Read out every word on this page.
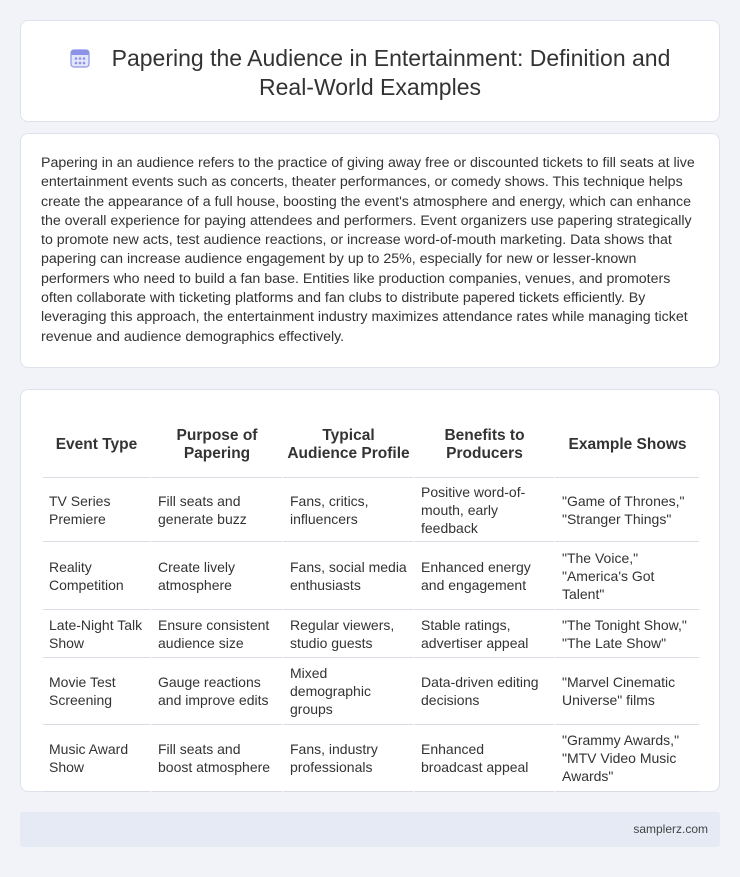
Papering the Audience in Entertainment: Definition and
Real-World Examples

Papering in an audience refers to the practice of giving away free or discounted tickets to fill seats at live entertainment events such as concerts, theater performances, or comedy shows. This technique helps create the appearance of a full house, boosting the event's atmosphere and energy, which can enhance the overall experience for paying attendees and performers. Event organizers use papering strategically to promote new acts, test audience reactions, or increase word-of-mouth marketing. Data shows that papering can increase audience engagement by up to 25%, especially for new or lesser-known performers who need to build a fan base. Entities like production companies, venues, and promoters often collaborate with ticketing platforms and fan clubs to distribute papered tickets efficiently. By leveraging this approach, the entertainment industry maximizes attendance rates while managing ticket revenue and audience demographics effectively.

Event Type	Purpose of Papering	Typical Audience Profile	Benefits to Producers	Example Shows
TV Series Premiere	Fill seats and generate buzz	Fans, critics, influencers	Positive word-of-mouth, early feedback	"Game of Thrones," "Stranger Things"
Reality Competition	Create lively atmosphere	Fans, social media enthusiasts	Enhanced energy and engagement	"The Voice," "America's Got Talent"
Late-Night Talk Show	Ensure consistent audience size	Regular viewers, studio guests	Stable ratings, advertiser appeal	"The Tonight Show," "The Late Show"
Movie Test Screening	Gauge reactions and improve edits	Mixed demographic groups	Data-driven editing decisions	"Marvel Cinematic Universe" films
Music Award Show	Fill seats and boost atmosphere	Fans, industry professionals	Enhanced broadcast appeal	"Grammy Awards," "MTV Video Music Awards"
samplerz.com
